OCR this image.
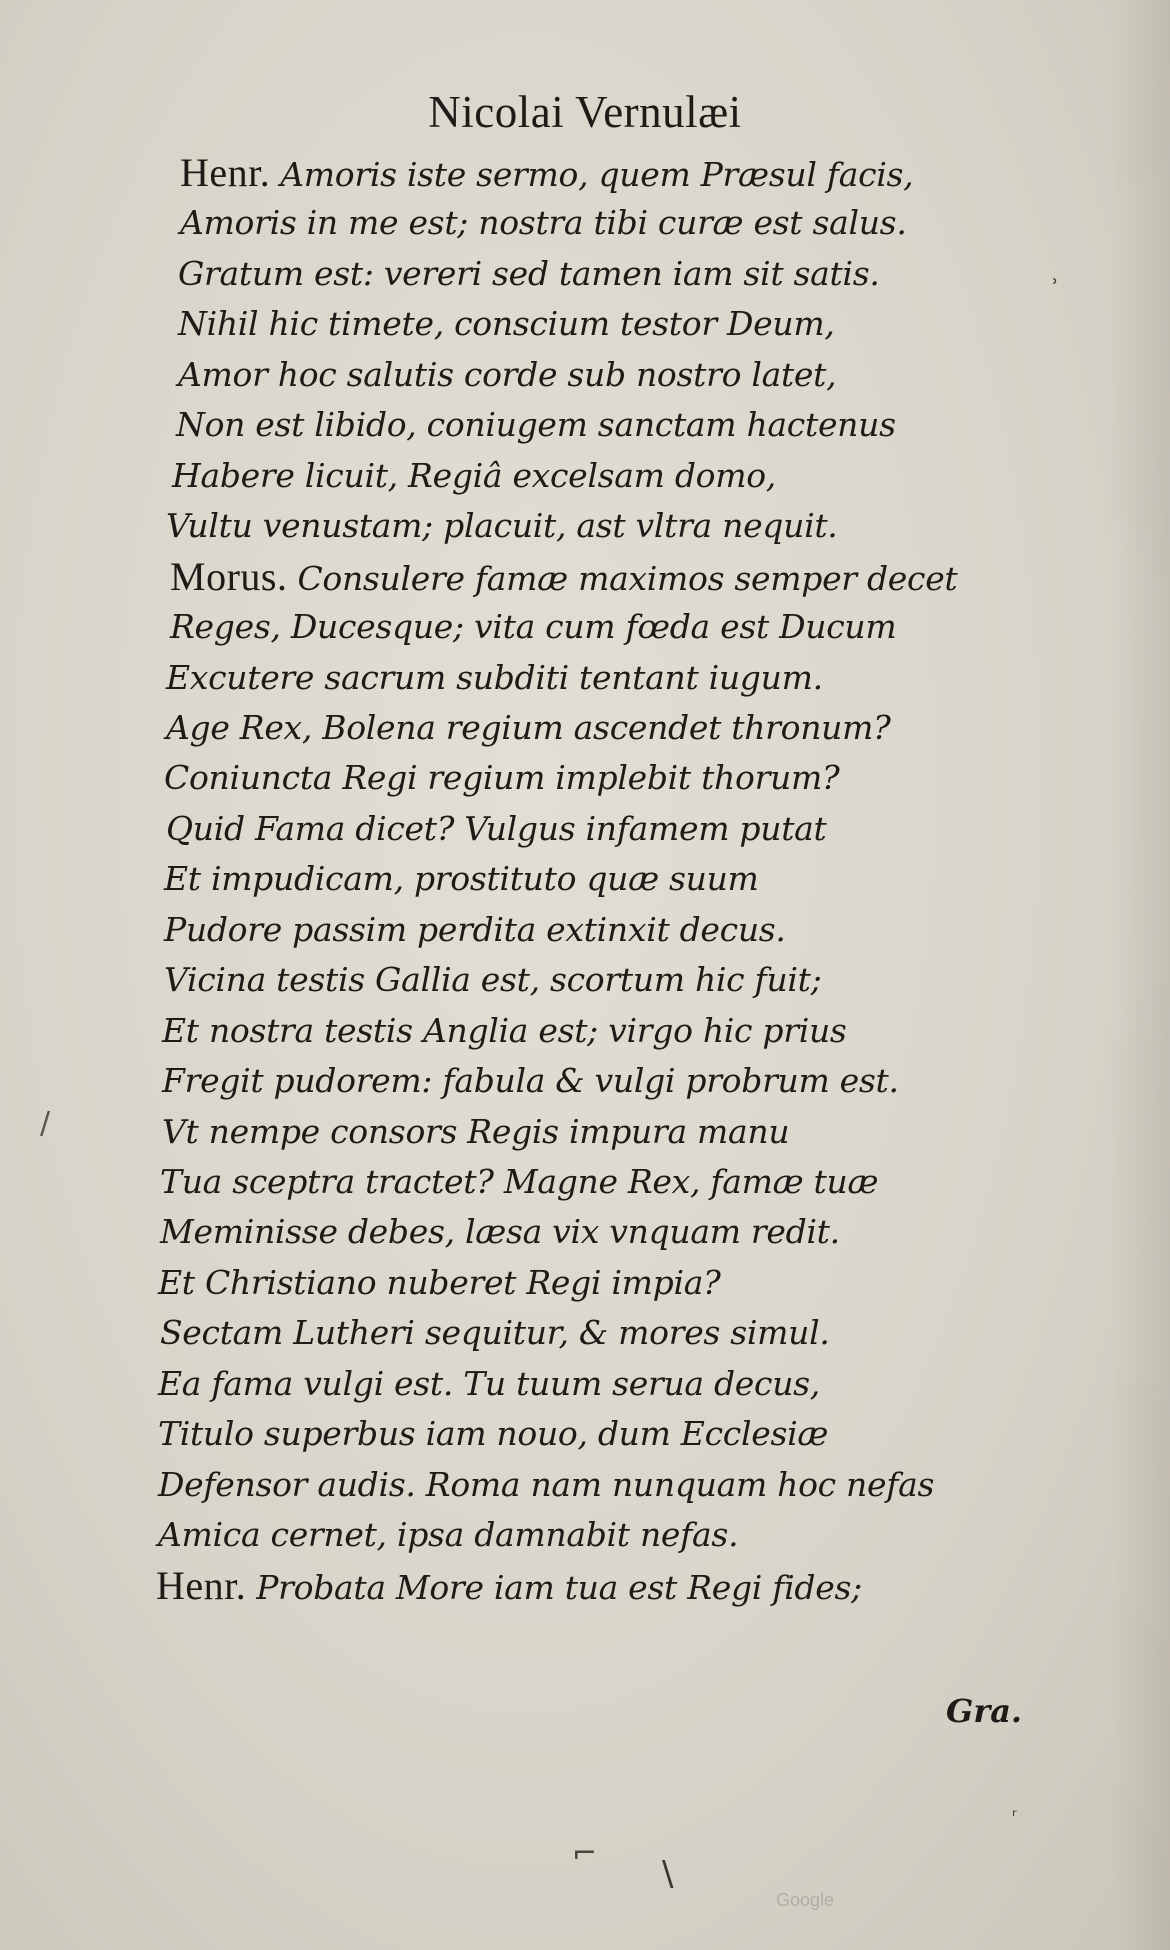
Nicolai Vernulæi
Henr. Amoris iste sermo, quem Præsul facis,
Amoris in me est; nostra tibi curæ est salus.
Gratum est: vereri sed tamen iam sit satis.
Nihil hic timete, conscium testor Deum,
Amor hoc salutis corde sub nostro latet,
Non est libido, coniugem sanctam hactenus
Habere licuit, Regiâ excelsam domo,
Vultu venustam; placuit, ast vltra nequit.
Morus. Consulere famæ maximos semper decet
Reges, Ducesque; vita cum fœda est Ducum
Excutere sacrum subditi tentant iugum.
Age Rex, Bolena regium ascendet thronum?
Coniuncta Regi regium implebit thorum?
Quid Fama dicet? Vulgus infamem putat
Et impudicam, prostituto quæ suum
Pudore passim perdita extinxit decus.
Vicina testis Gallia est, scortum hic fuit;
Et nostra testis Anglia est; virgo hic prius
Fregit pudorem: fabula & vulgi probrum est.
Vt nempe consors Regis impura manu
Tua sceptra tractet? Magne Rex, famæ tuæ
Meminisse debes, læsa vix vnquam redit.
Et Christiano nuberet Regi impia?
Sectam Lutheri sequitur, & mores simul.
Ea fama vulgi est. Tu tuum serua decus,
Titulo superbus iam nouo, dum Ecclesiæ
Defensor audis. Roma nam nunquam hoc nefas
Amica cernet, ipsa damnabit nefas.
Henr. Probata More iam tua est Regi fides;
Gra.
ʾ
/
⌐
\
ʳ
Google
